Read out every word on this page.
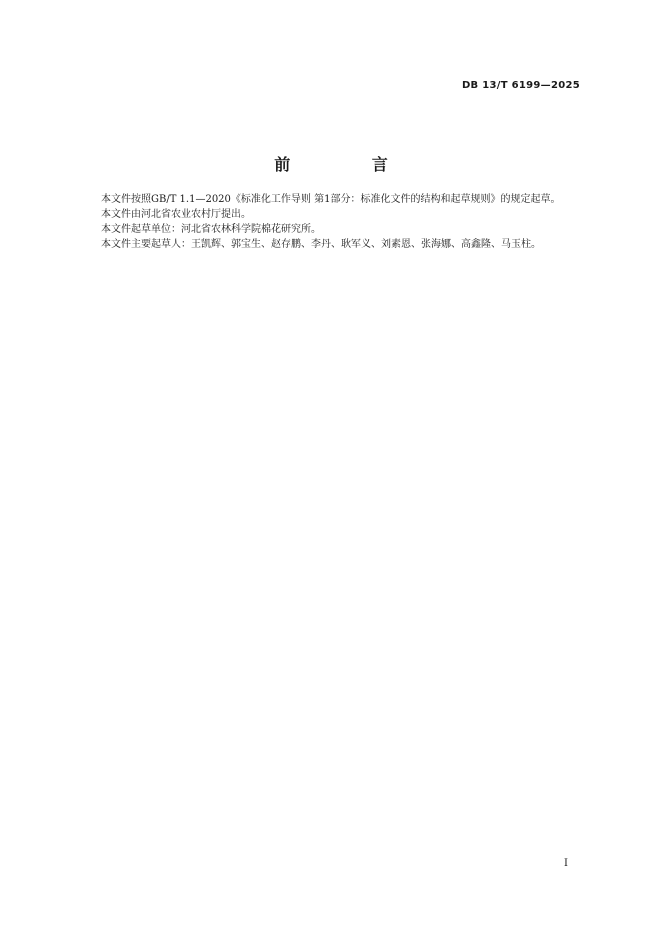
DB 13/T 6199—2025
前 言

本文件按照GB/T 1.1—2020《标准化工作导则 第1部分：标准化文件的结构和起草规则》的规定起草。

本文件由河北省农业农村厅提出。

本文件起草单位：河北省农林科学院棉花研究所。

本文件主要起草人：王凯辉、郭宝生、赵存鹏、李丹、耿军义、刘素恩、张海娜、高鑫隆、马玉柱。

I
